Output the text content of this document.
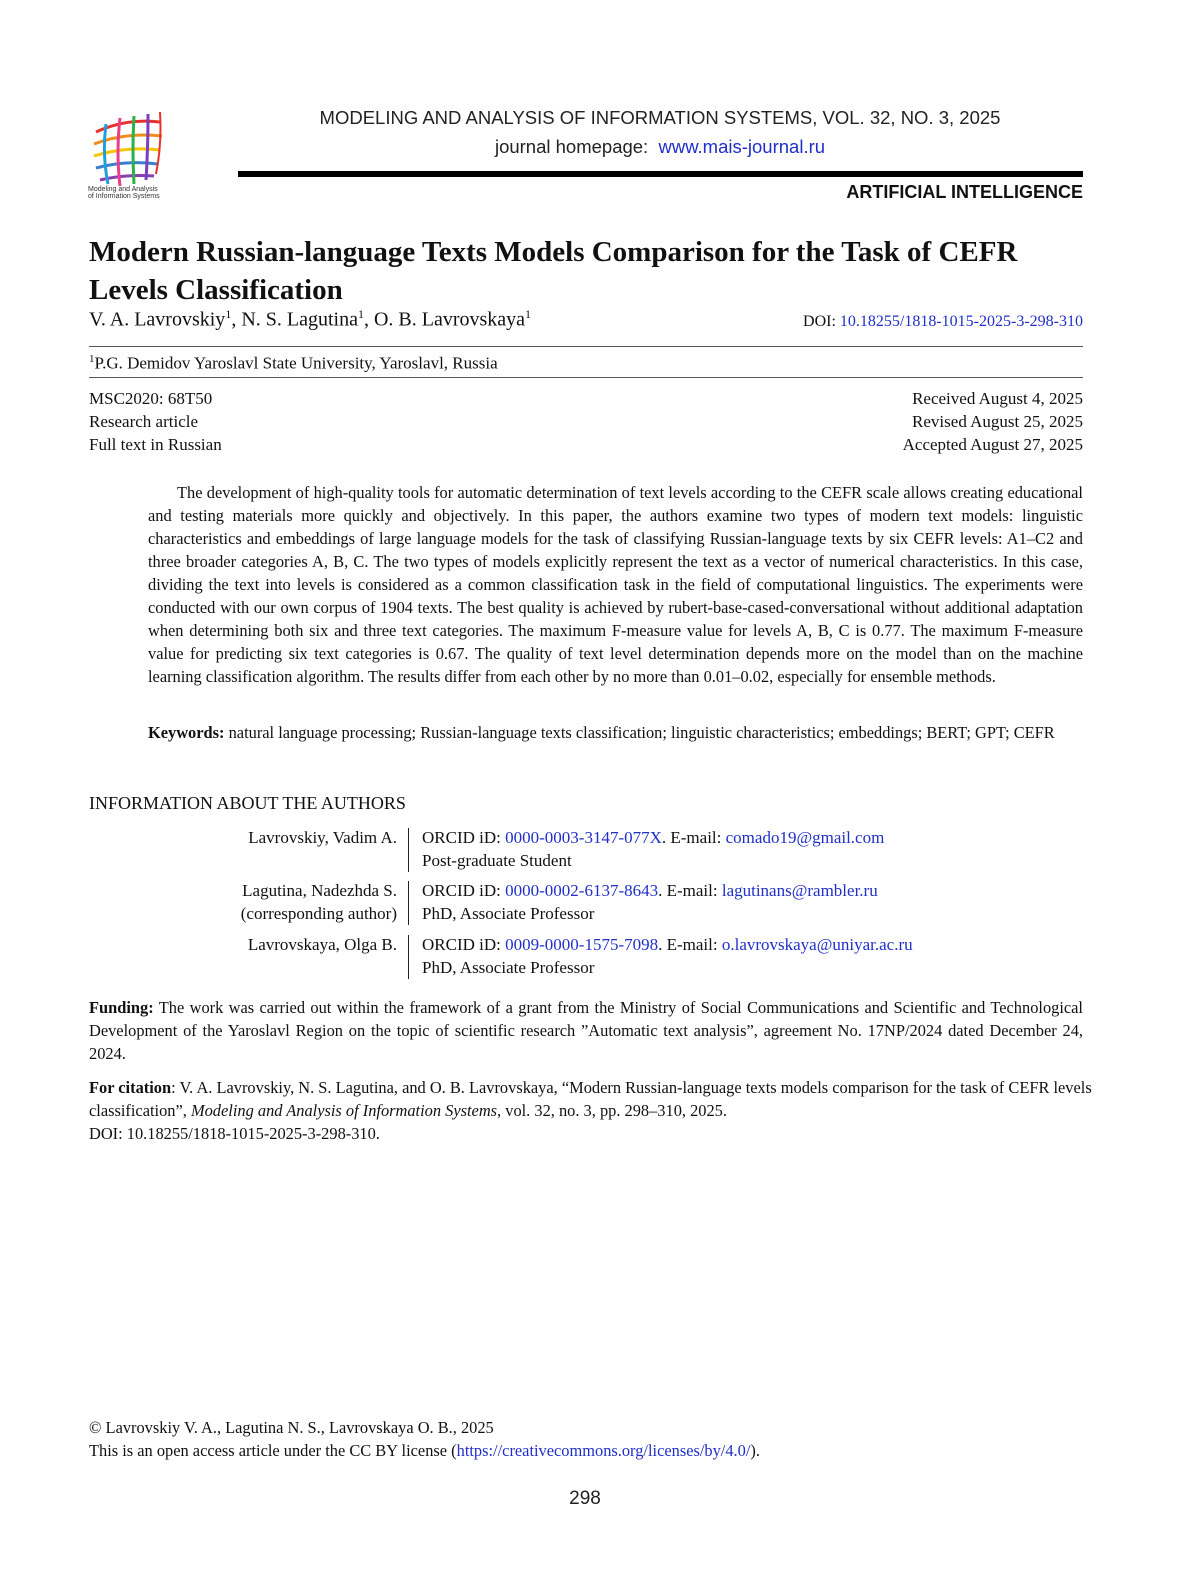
Modeling and Analysis
of Information Systems
MODELING AND ANALYSIS OF INFORMATION SYSTEMS, VOL. 32, NO. 3, 2025
journal homepage: www.mais-journal.ru
ARTIFICIAL INTELLIGENCE
Modern Russian-language Texts Models Comparison for the Task of CEFR Levels Classification
V. A. Lavrovskiy$^1$, N. S. Lagutina$^1$, O. B. Lavrovskaya$^1$	DOI: 10.18255/1818-1015-2025-3-298-310
$^1$P.G. Demidov Yaroslavl State University, Yaroslavl, Russia
MSC2020: 68T50
Research article
Full text in Russian
Received August 4, 2025
Revised August 25, 2025
Accepted August 27, 2025

The development of high-quality tools for automatic determination of text levels according to the CEFR scale allows creating educational and testing materials more quickly and objectively. In this paper, the authors examine two types of modern text models: linguistic characteristics and embeddings of large language models for the task of classifying Russian-language texts by six CEFR levels: A1–C2 and three broader categories A, B, C. The two types of models explicitly represent the text as a vector of numerical characteristics. In this case, dividing the text into levels is considered as a common classification task in the field of computational linguistics. The experiments were conducted with our own corpus of 1904 texts. The best quality is achieved by rubert-base-cased-conversational without additional adaptation when determining both six and three text categories. The maximum F-measure value for levels A, B, C is 0.77. The maximum F-measure value for predicting six text categories is 0.67. The quality of text level determination depends more on the model than on the machine learning classification algorithm. The results differ from each other by no more than 0.01–0.02, especially for ensemble methods.

Keywords: natural language processing; Russian-language texts classification; linguistic characteristics; embeddings; BERT; GPT; CEFR

INFORMATION ABOUT THE AUTHORS
Lavrovskiy, Vadim A. ORCID iD: 0000-0003-3147-077X. E-mail: comado19@gmail.com
Post-graduate Student
Lagutina, Nadezhda S.
(corresponding author)
ORCID iD: 0000-0002-6137-8643. E-mail: lagutinans@rambler.ru
PhD, Associate Professor
Lavrovskaya, Olga B. ORCID iD: 0009-0000-1575-7098. E-mail: o.lavrovskaya@uniyar.ac.ru
PhD, Associate Professor

Funding: The work was carried out within the framework of a grant from the Ministry of Social Communications and Scientific and Technological Development of the Yaroslavl Region on the topic of scientific research ”Automatic text analysis”, agreement No. 17NP/2024 dated December 24, 2024.

For citation: V. A. Lavrovskiy, N. S. Lagutina, and O. B. Lavrovskaya, “Modern Russian-language texts models comparison for the task of CEFR levels classification”, Modeling and Analysis of Information Systems, vol. 32, no. 3, pp. 298–310, 2025.
DOI: 10.18255/1818-1015-2025-3-298-310.

© Lavrovskiy V. A., Lagutina N. S., Lavrovskaya O. B., 2025
This is an open access article under the CC BY license (https://creativecommons.org/licenses/by/4.0/).
298
